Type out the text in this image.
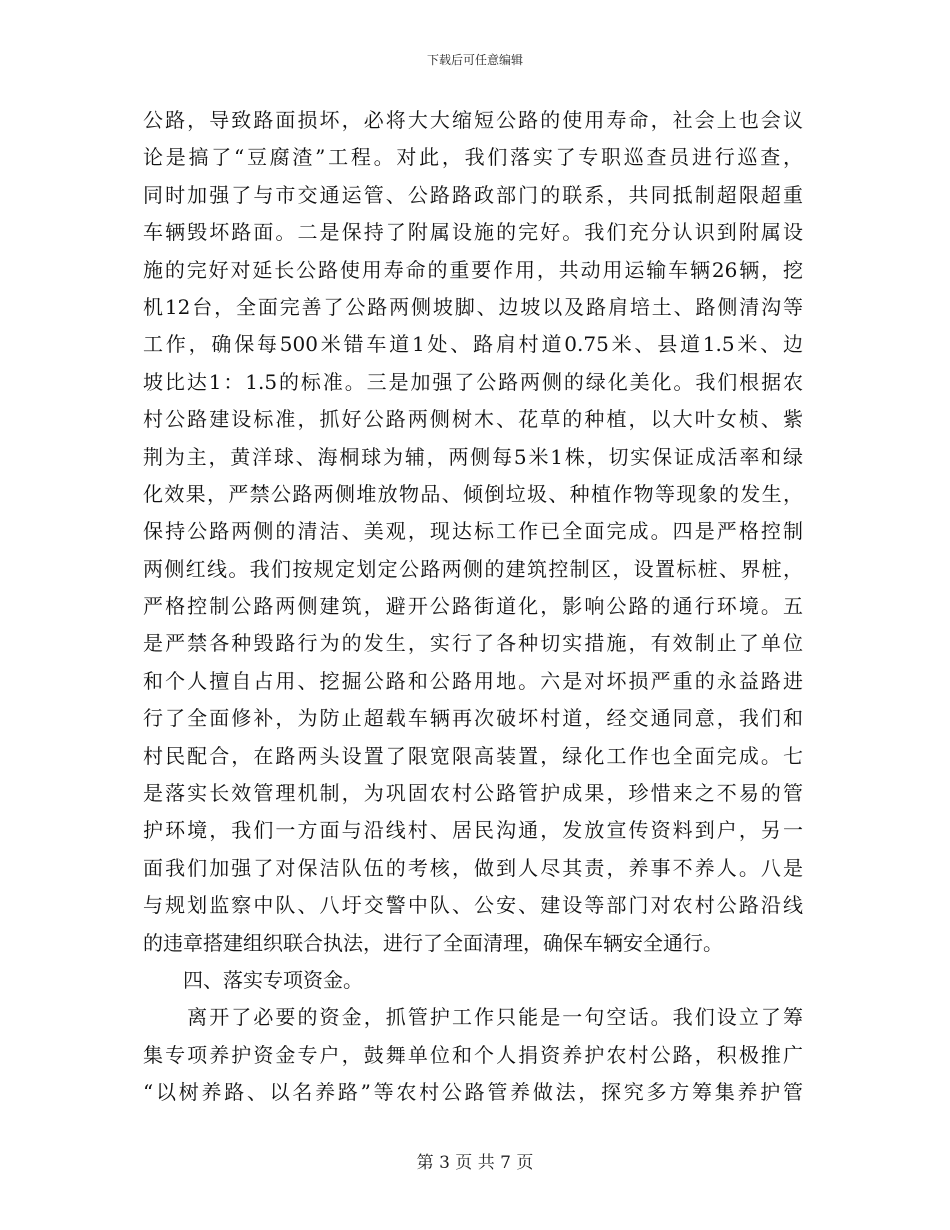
下载后可任意编辑
公路，导致路面损坏，必将大大缩短公路的使用寿命，社会上也会议
论是搞了“豆腐渣”工程。对此，我们落实了专职巡查员进行巡查，
同时加强了与市交通运管、公路路政部门的联系，共同抵制超限超重
车辆毁坏路面。二是保持了附属设施的完好。我们充分认识到附属设
施的完好对延长公路使用寿命的重要作用，共动用运输车辆26辆，挖
机12台，全面完善了公路两侧坡脚、边坡以及路肩培土、路侧清沟等
工作，确保每500米错车道1处、路肩村道0.75米、县道1.5米、边
坡比达1：1.5的标准。三是加强了公路两侧的绿化美化。我们根据农
村公路建设标准，抓好公路两侧树木、花草的种植，以大叶女桢、紫
荆为主，黄洋球、海桐球为辅，两侧每5米1株，切实保证成活率和绿
化效果，严禁公路两侧堆放物品、倾倒垃圾、种植作物等现象的发生，
保持公路两侧的清洁、美观，现达标工作已全面完成。四是严格控制
两侧红线。我们按规定划定公路两侧的建筑控制区，设置标桩、界桩，
严格控制公路两侧建筑，避开公路街道化，影响公路的通行环境。五
是严禁各种毁路行为的发生，实行了各种切实措施，有效制止了单位
和个人擅自占用、挖掘公路和公路用地。六是对坏损严重的永益路进
行了全面修补，为防止超载车辆再次破坏村道，经交通同意，我们和
村民配合，在路两头设置了限宽限高装置，绿化工作也全面完成。七
是落实长效管理机制，为巩固农村公路管护成果，珍惜来之不易的管
护环境，我们一方面与沿线村、居民沟通，发放宣传资料到户，另一
面我们加强了对保洁队伍的考核，做到人尽其责，养事不养人。八是
与规划监察中队、八圩交警中队、公安、建设等部门对农村公路沿线
的违章搭建组织联合执法，进行了全面清理，确保车辆安全通行。
　　四、落实专项资金。
　　离开了必要的资金，抓管护工作只能是一句空话。我们设立了筹
集专项养护资金专户，鼓舞单位和个人捐资养护农村公路，积极推广
“以树养路、以名养路”等农村公路管养做法，探究多方筹集养护管
第 3 页 共 7 页
